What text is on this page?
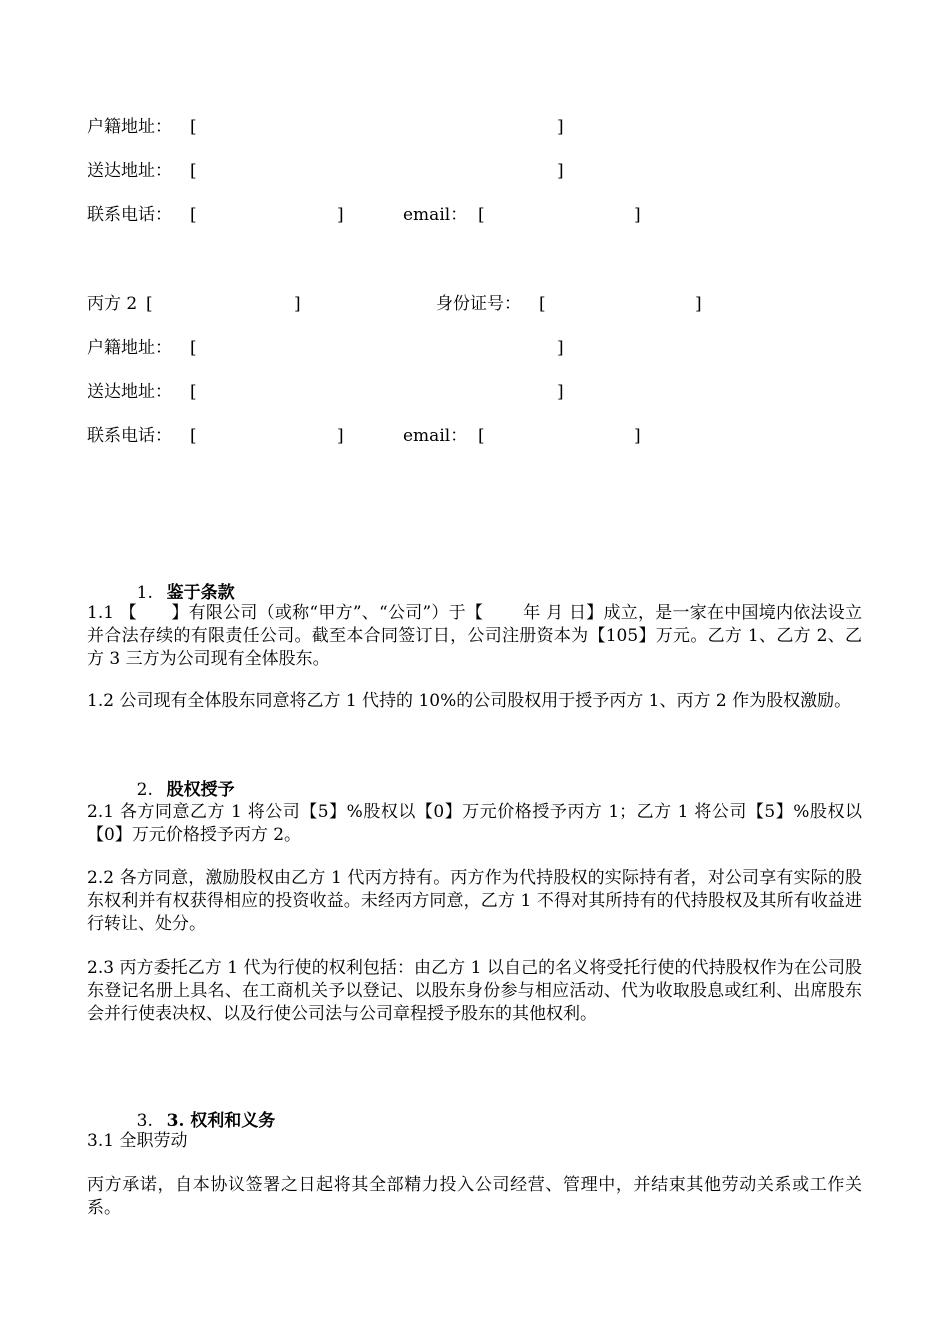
户籍地址： [	]
送达地址： [	]
联系电话： [	]	email： [	]
丙方 2 [	]	身份证号： [	]
户籍地址： [	]
送达地址： [	]
联系电话： [	]	email： [	]

1. 鉴于条款

1.1 【　　】有限公司（或称“甲方”、“公司”）于【　　 年 月 日】成立，是一家在中国境内依法设立并合法存续的有限责任公司。截至本合同签订日，公司注册资本为【105】万元。乙方 1、乙方 2、乙方 3 三方为公司现有全体股东。
1.2 公司现有全体股东同意将乙方 1 代持的 10%的公司股权用于授予丙方 1、丙方 2 作为股权激励。

2. 股权授予

2.1 各方同意乙方 1 将公司【5】%股权以【0】万元价格授予丙方 1；乙方 1 将公司【5】%股权以【0】万元价格授予丙方 2。
2.2 各方同意，激励股权由乙方 1 代丙方持有。丙方作为代持股权的实际持有者，对公司享有实际的股东权利并有权获得相应的投资收益。未经丙方同意，乙方 1 不得对其所持有的代持股权及其所有收益进行转让、处分。
2.3 丙方委托乙方 1 代为行使的权利包括：由乙方 1 以自己的名义将受托行使的代持股权作为在公司股东登记名册上具名、在工商机关予以登记、以股东身份参与相应活动、代为收取股息或红利、出席股东会并行使表决权、以及行使公司法与公司章程授予股东的其他权利。

3. 3. 权利和义务

3.1 全职劳动
丙方承诺，自本协议签署之日起将其全部精力投入公司经营、管理中，并结束其他劳动关系或工作关系。
